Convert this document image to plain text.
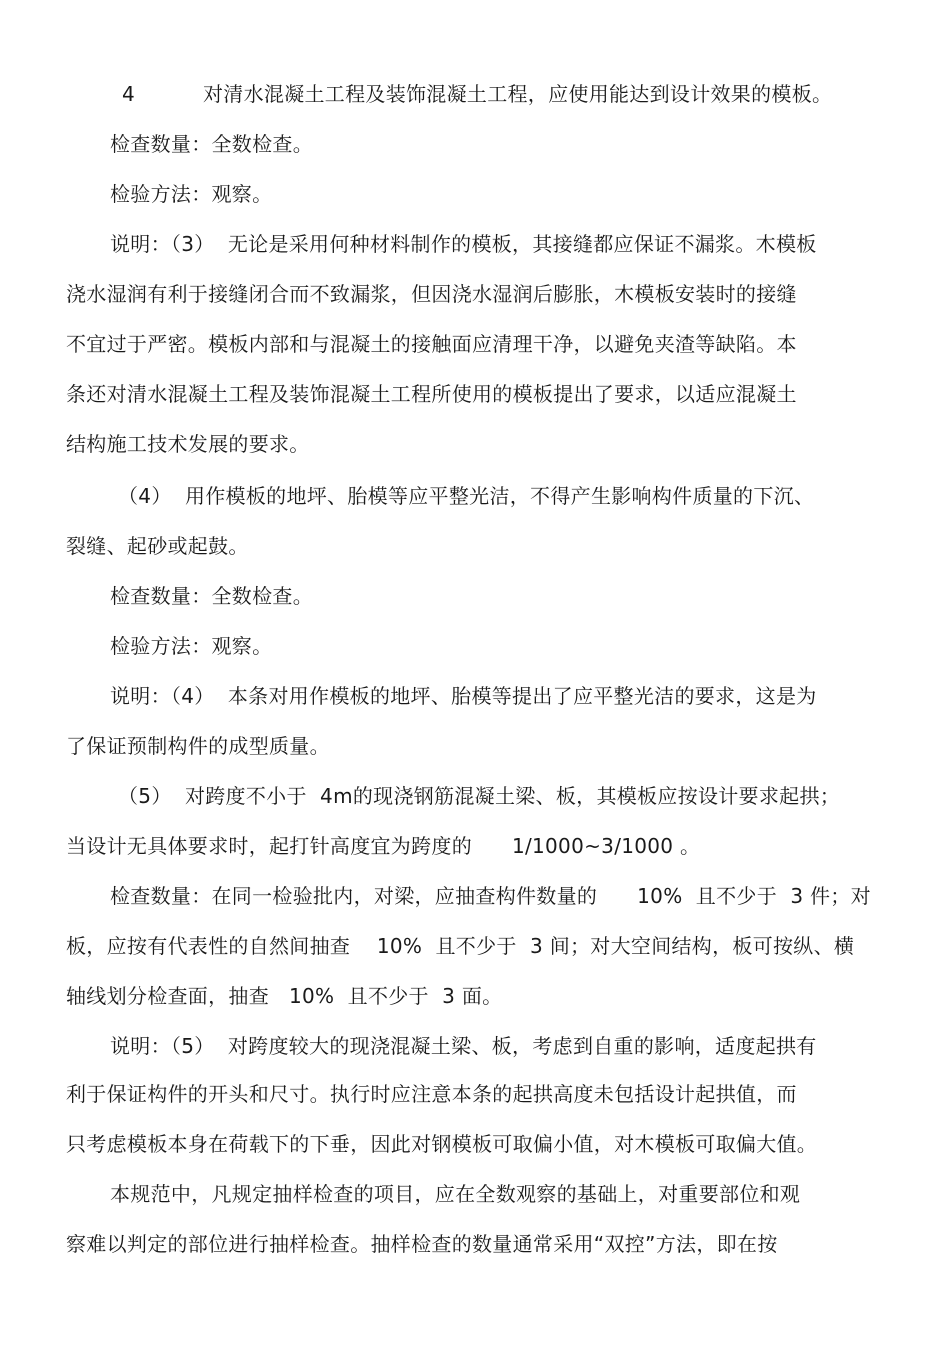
4	对清水混凝土工程及装饰混凝土工程，应使用能达到设计效果的模板。
检查数量：全数检查。
检验方法：观察。
说明：（3）  无论是采用何种材料制作的模板，其接缝都应保证不漏浆。木模板
浇水湿润有利于接缝闭合而不致漏浆，但因浇水湿润后膨胀，木模板安装时的接缝
不宜过于严密。模板内部和与混凝土的接触面应清理干净，以避免夹渣等缺陷。本
条还对清水混凝土工程及装饰混凝土工程所使用的模板提出了要求，以适应混凝土
结构施工技术发展的要求。
（4）  用作模板的地坪、胎模等应平整光洁，不得产生影响构件质量的下沉、
裂缝、起砂或起鼓。
检查数量：全数检查。
检验方法：观察。
说明：（4）  本条对用作模板的地坪、胎模等提出了应平整光洁的要求，这是为
了保证预制构件的成型质量。
（5）  对跨度不小于  4m的现浇钢筋混凝土梁、板，其模板应按设计要求起拱；
当设计无具体要求时，起打针高度宜为跨度的      1/1000~3/1000 。
检查数量：在同一检验批内，对梁，应抽查构件数量的      10%  且不少于  3 件；对
板，应按有代表性的自然间抽查    10%  且不少于  3 间；对大空间结构，板可按纵、横
轴线划分检查面，抽查   10%  且不少于  3 面。
说明：（5）  对跨度较大的现浇混凝土梁、板，考虑到自重的影响，适度起拱有
利于保证构件的开头和尺寸。执行时应注意本条的起拱高度未包括设计起拱值，而
只考虑模板本身在荷载下的下垂，因此对钢模板可取偏小值，对木模板可取偏大值。
本规范中，凡规定抽样检查的项目，应在全数观察的基础上，对重要部位和观
察难以判定的部位进行抽样检查。抽样检查的数量通常采用“双控”方法，即在按
